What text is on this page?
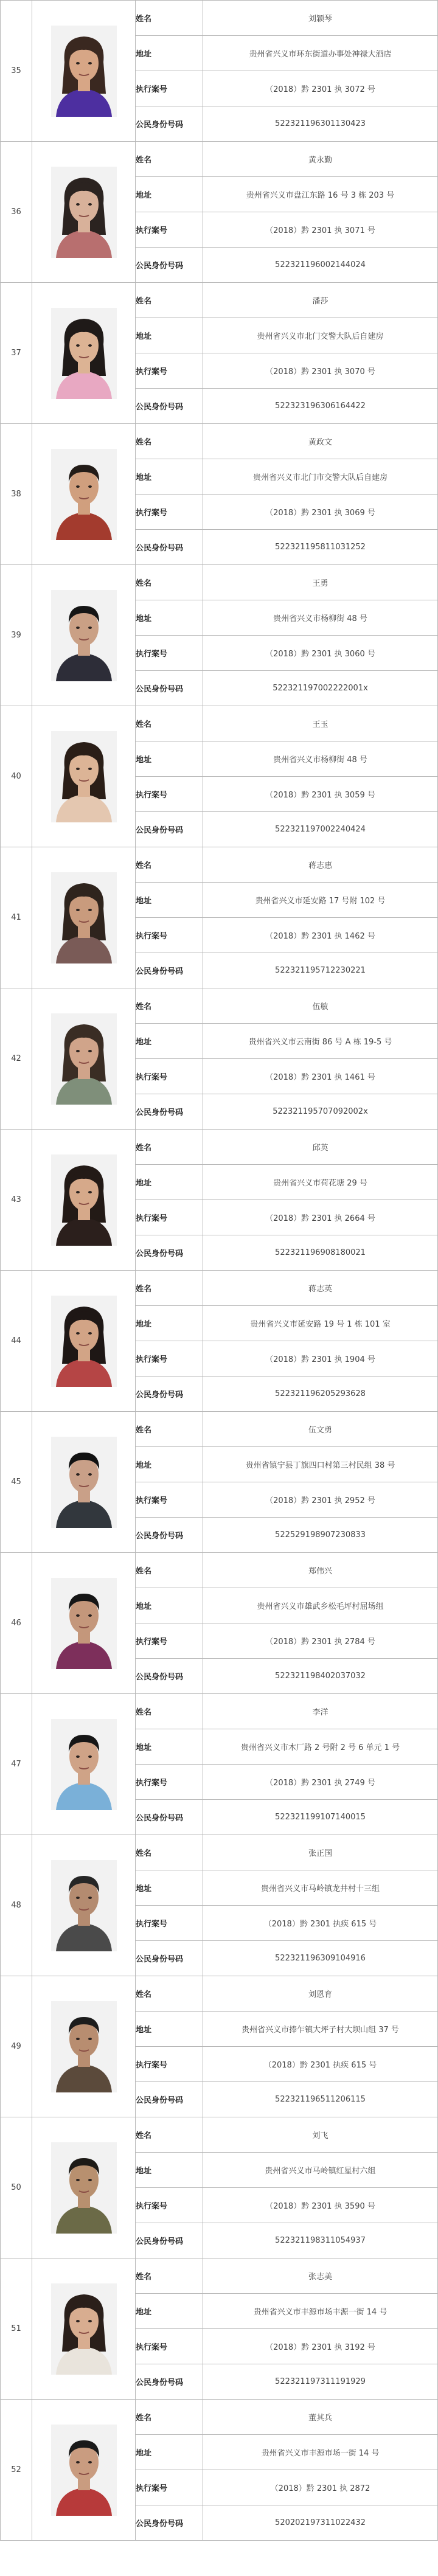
35		姓名	刘颖琴
		地址	贵州省兴义市环东街道办事处神禄大酒店
		执行案号	（2018）黔 2301 执 3072 号
		公民身份号码	522321196301130423
36		姓名	黄永勤
		地址	贵州省兴义市盘江东路 16 号 3 栋 203 号
		执行案号	（2018）黔 2301 执 3071 号
		公民身份号码	522321196002144024
37		姓名	潘莎
		地址	贵州省兴义市北门交警大队后自建房
		执行案号	（2018）黔 2301 执 3070 号
		公民身份号码	522323196306164422
38		姓名	黄政文
		地址	贵州省兴义市北门市交警大队后自建房
		执行案号	（2018）黔 2301 执 3069 号
		公民身份号码	522321195811031252
39		姓名	王勇
		地址	贵州省兴义市杨柳街 48 号
		执行案号	（2018）黔 2301 执 3060 号
		公民身份号码	522321197002222001x
40		姓名	王玉
		地址	贵州省兴义市杨柳街 48 号
		执行案号	（2018）黔 2301 执 3059 号
		公民身份号码	522321197002240424
41		姓名	蒋志惠
		地址	贵州省兴义市延安路 17 号附 102 号
		执行案号	（2018）黔 2301 执 1462 号
		公民身份号码	522321195712230221
42		姓名	伍敏
		地址	贵州省兴义市云南街 86 号 A 栋 19-5 号
		执行案号	（2018）黔 2301 执 1461 号
		公民身份号码	522321195707092002x
43		姓名	邱英
		地址	贵州省兴义市荷花塘 29 号
		执行案号	（2018）黔 2301 执 2664 号
		公民身份号码	522321196908180021
44		姓名	蒋志英
		地址	贵州省兴义市延安路 19 号 1 栋 101 室
		执行案号	（2018）黔 2301 执 1904 号
		公民身份号码	522321196205293628
45		姓名	伍文勇
		地址	贵州省镇宁县丁旗四口村第三村民组 38 号
		执行案号	（2018）黔 2301 执 2952 号
		公民身份号码	522529198907230833
46		姓名	郑伟兴
		地址	贵州省兴义市雄武乡松毛坪村屈场组
		执行案号	（2018）黔 2301 执 2784 号
		公民身份号码	522321198402037032
47		姓名	李洋
		地址	贵州省兴义市木厂路 2 号附 2 号 6 单元 1 号
		执行案号	（2018）黔 2301 执 2749 号
		公民身份号码	522321199107140015
48		姓名	张正国
		地址	贵州省兴义市马岭镇龙井村十三组
		执行案号	（2018）黔 2301 执疾 615 号
		公民身份号码	522321196309104916
49		姓名	刘恩育
		地址	贵州省兴义市捧乍镇大坪子村大坝山组 37 号
		执行案号	（2018）黔 2301 执疾 615 号
		公民身份号码	522321196511206115
50		姓名	刘飞
		地址	贵州省兴义市马岭镇红星村六组
		执行案号	（2018）黔 2301 执 3590 号
		公民身份号码	522321198311054937
51		姓名	张志美
		地址	贵州省兴义市丰源市场丰源一街 14 号
		执行案号	（2018）黔 2301 执 3192 号
		公民身份号码	522321197311191929
52		姓名	董其兵
		地址	贵州省兴义市丰源市场一街 14 号
		执行案号	（2018）黔 2301 执 2872
		公民身份号码	520202197311022432
